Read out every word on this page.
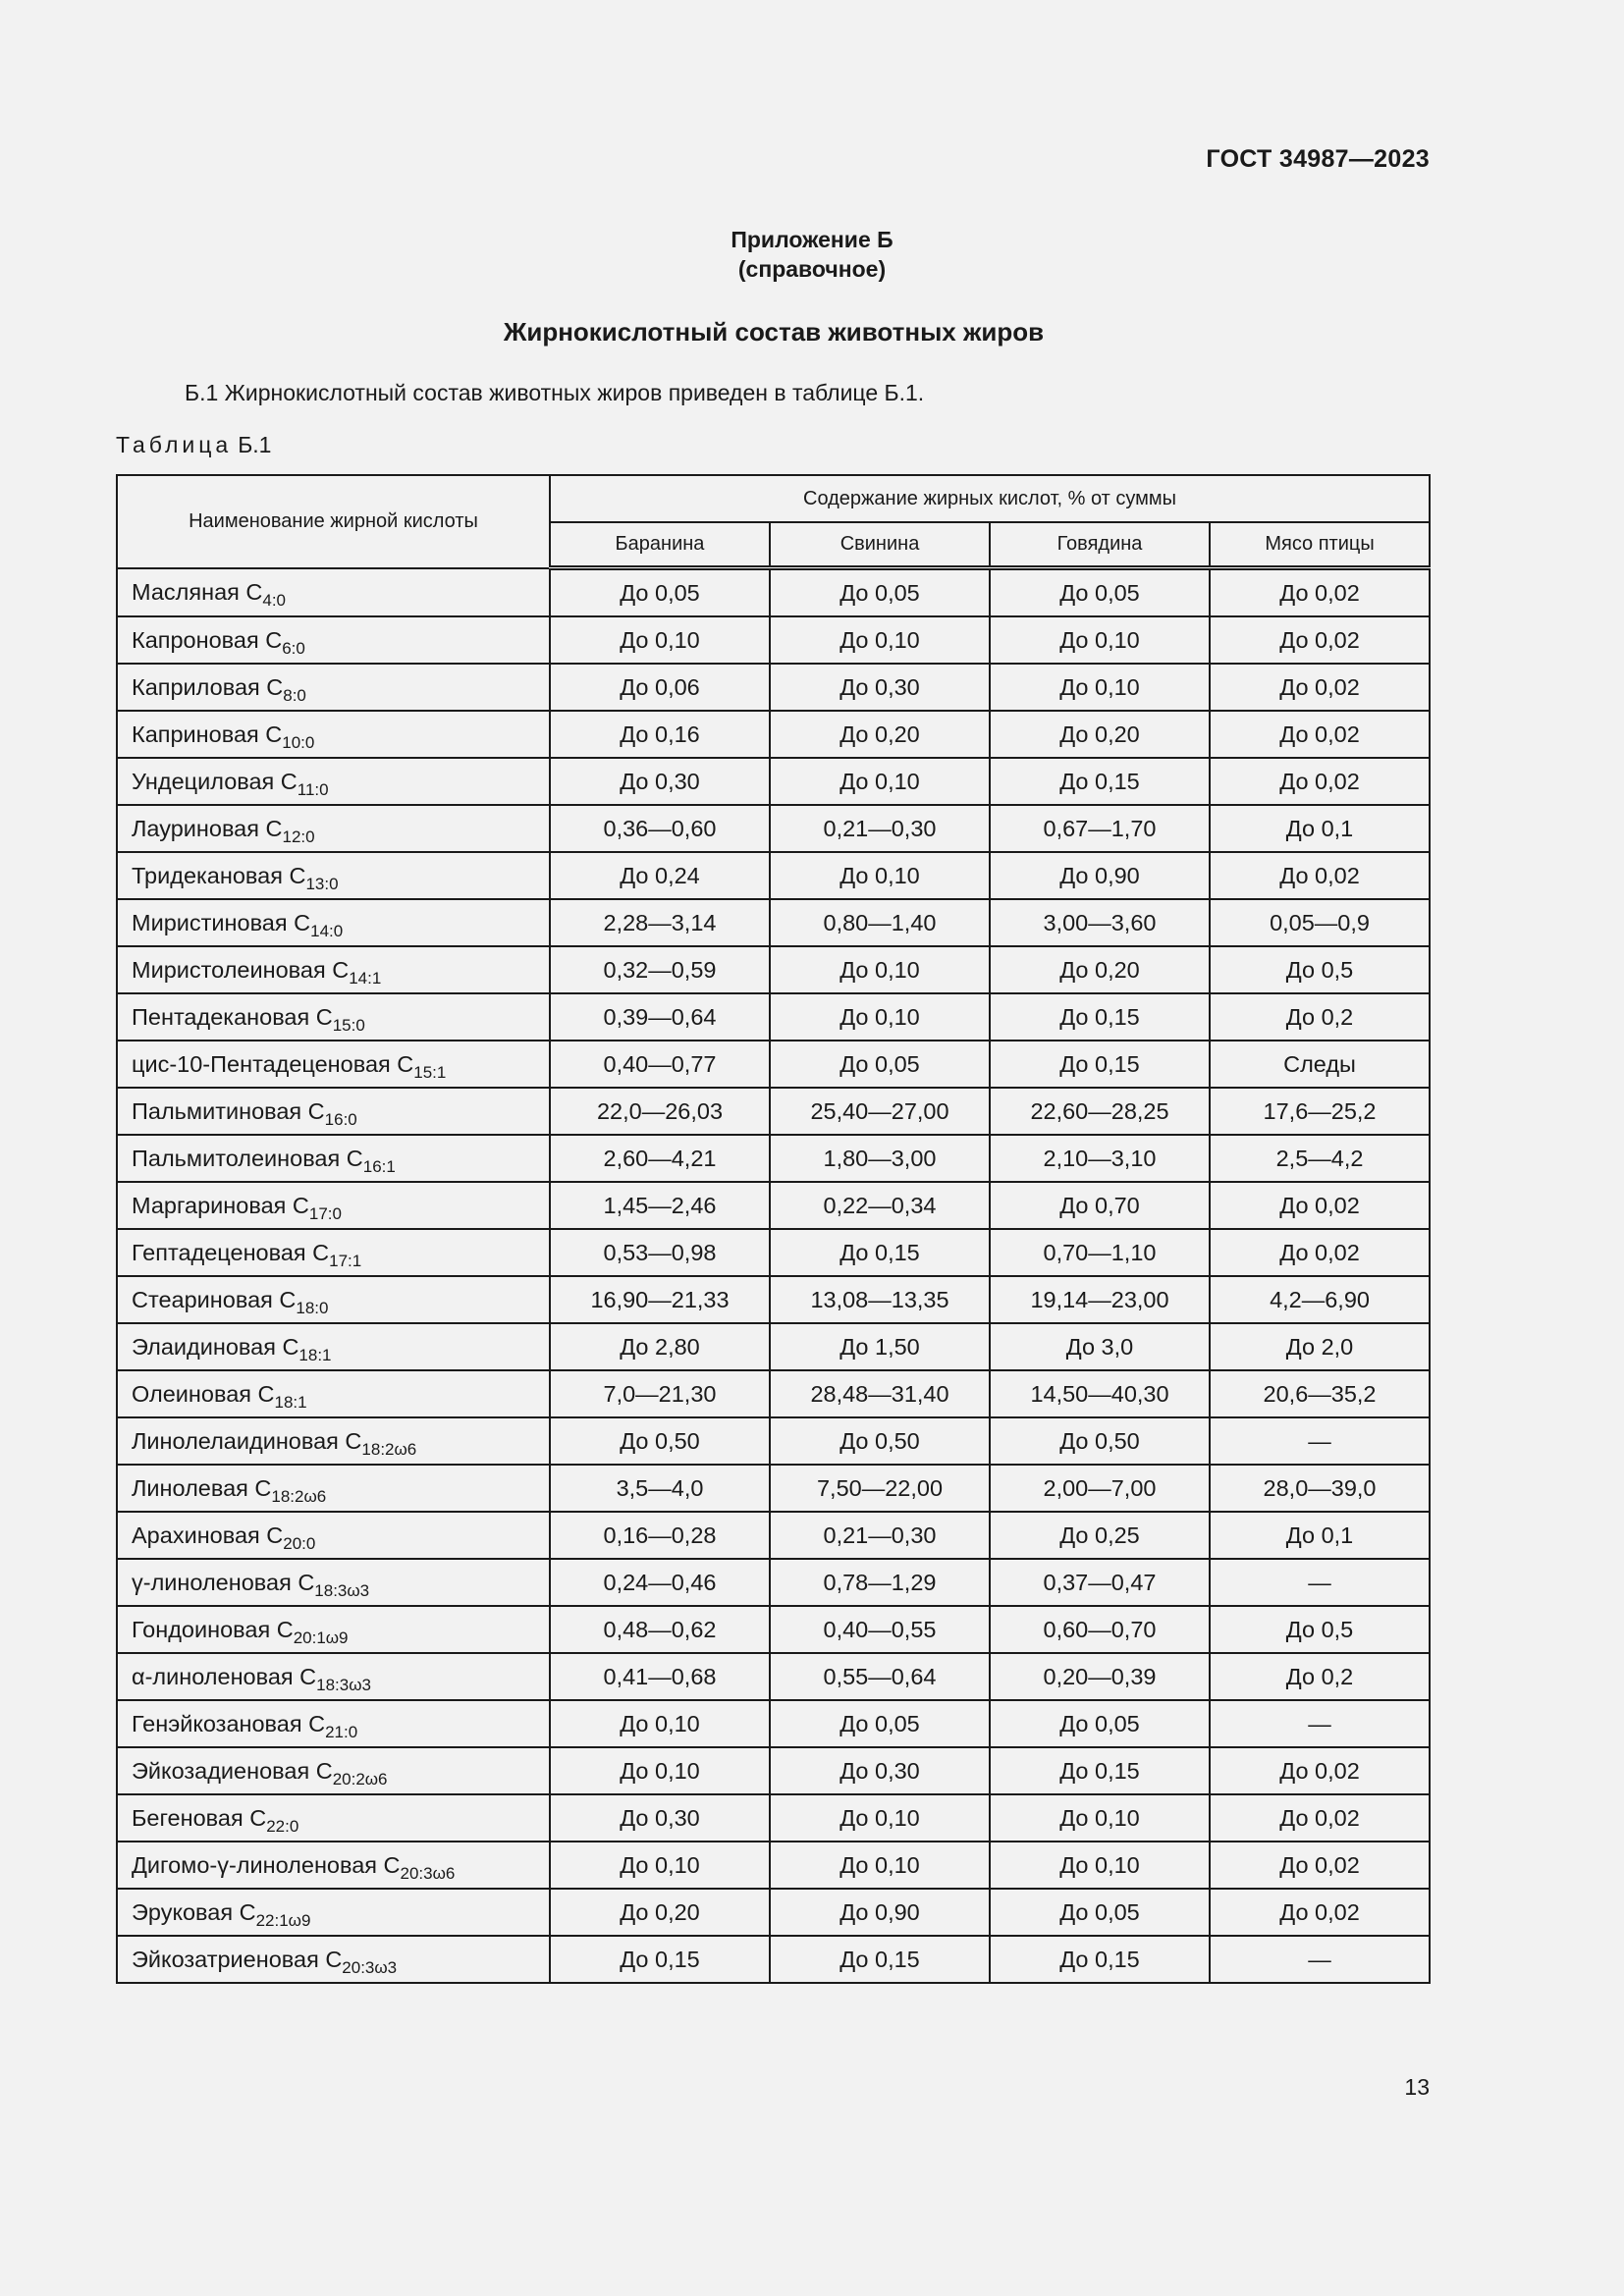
ГОСТ 34987—2023
Приложение Б
(справочное)
Жирнокислотный состав животных жиров
Б.1 Жирнокислотный состав животных жиров приведен в таблице Б.1.
Таблица Б.1
Наименование жирной кислоты	Содержание жирных кислот, % от суммы			
	Баранина	Свинина	Говядина	Мясо птицы
Масляная $C_{4:0}$	До 0,05	До 0,05	До 0,05	До 0,02
Капроновая $C_{6:0}$	До 0,10	До 0,10	До 0,10	До 0,02
Каприловая $C_{8:0}$	До 0,06	До 0,30	До 0,10	До 0,02
Каприновая $C_{10:0}$	До 0,16	До 0,20	До 0,20	До 0,02
Ундециловая $C_{11:0}$	До 0,30	До 0,10	До 0,15	До 0,02
Лауриновая $C_{12:0}$	0,36—0,60	0,21—0,30	0,67—1,70	До 0,1
Тридекановая $C_{13:0}$	До 0,24	До 0,10	До 0,90	До 0,02
Миристиновая $C_{14:0}$	2,28—3,14	0,80—1,40	3,00—3,60	0,05—0,9
Миристолеиновая $C_{14:1}$	0,32—0,59	До 0,10	До 0,20	До 0,5
Пентадекановая $C_{15:0}$	0,39—0,64	До 0,10	До 0,15	До 0,2
цис-10-Пентадеценовая $C_{15:1}$	0,40—0,77	До 0,05	До 0,15	Следы
Пальмитиновая $C_{16:0}$	22,0—26,03	25,40—27,00	22,60—28,25	17,6—25,2
Пальмитолеиновая $C_{16:1}$	2,60—4,21	1,80—3,00	2,10—3,10	2,5—4,2
Маргариновая $C_{17:0}$	1,45—2,46	0,22—0,34	До 0,70	До 0,02
Гептадеценовая $C_{17:1}$	0,53—0,98	До 0,15	0,70—1,10	До 0,02
Стеариновая $C_{18:0}$	16,90—21,33	13,08—13,35	19,14—23,00	4,2—6,90
Элаидиновая $C_{18:1}$	До 2,80	До 1,50	До 3,0	До 2,0
Олеиновая $C_{18:1}$	7,0—21,30	28,48—31,40	14,50—40,30	20,6—35,2
Линолелаидиновая $C_{18:2\omega 6}$	До 0,50	До 0,50	До 0,50	—
Линолевая $C_{18:2\omega 6}$	3,5—4,0	7,50—22,00	2,00—7,00	28,0—39,0
Арахиновая $C_{20:0}$	0,16—0,28	0,21—0,30	До 0,25	До 0,1
γ-линоленовая $C_{18:3\omega 3}$	0,24—0,46	0,78—1,29	0,37—0,47	—
Гондоиновая $C_{20:1\omega 9}$	0,48—0,62	0,40—0,55	0,60—0,70	До 0,5
α-линоленовая $C_{18:3\omega 3}$	0,41—0,68	0,55—0,64	0,20—0,39	До 0,2
Генэйкозановая $C_{21:0}$	До 0,10	До 0,05	До 0,05	—
Эйкозадиеновая $C_{20:2\omega 6}$	До 0,10	До 0,30	До 0,15	До 0,02
Бегеновая $C_{22:0}$	До 0,30	До 0,10	До 0,10	До 0,02
Дигомо-γ-линоленовая $C_{20:3\omega 6}$	До 0,10	До 0,10	До 0,10	До 0,02
Эруковая $C_{22:1\omega 9}$	До 0,20	До 0,90	До 0,05	До 0,02
Эйкозатриеновая $C_{20:3\omega 3}$	До 0,15	До 0,15	До 0,15	—
13
